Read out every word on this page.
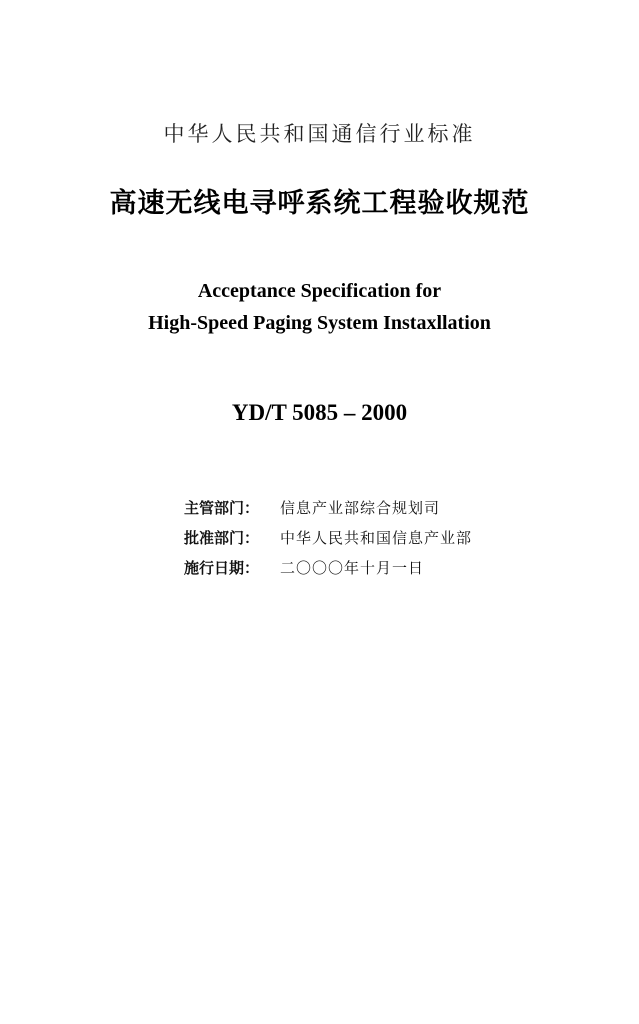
中华人民共和国通信行业标准
高速无线电寻呼系统工程验收规范
Acceptance Specification for
High-Speed Paging System Instaxllation
YD/T 5085 – 2000
主管部门： 信息产业部综合规划司
批准部门： 中华人民共和国信息产业部
施行日期： 二〇〇〇年十月一日
